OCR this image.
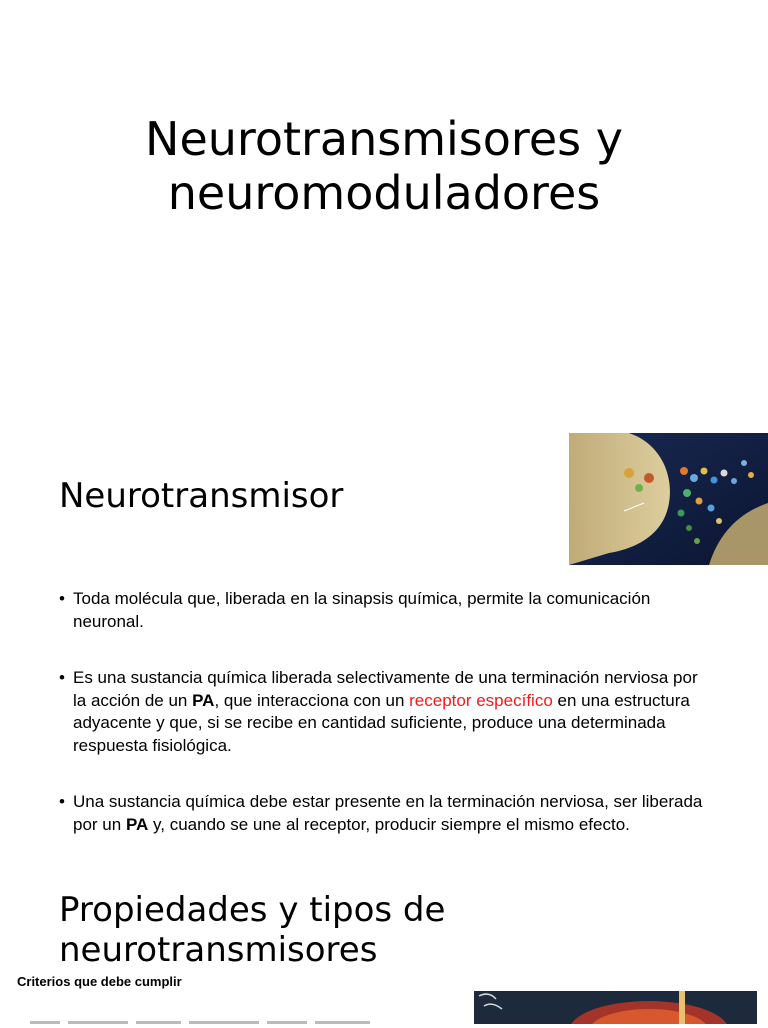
Neurotransmisores y
neuromoduladores
Neurotransmisor
• Toda molécula que, liberada en la sinapsis química, permite la comunicación neuronal.
• Es una sustancia química liberada selectivamente de una terminación nerviosa por la acción de un PA, que interacciona con un receptor específico en una estructura adyacente y que, si se recibe en cantidad suficiente, produce una determinada respuesta fisiológica.
• Una sustancia química debe estar presente en la terminación nerviosa, ser liberada por un PA y, cuando se une al receptor, producir siempre el mismo efecto.
Propiedades y tipos de neurotransmisores
Criterios que debe cumplir
